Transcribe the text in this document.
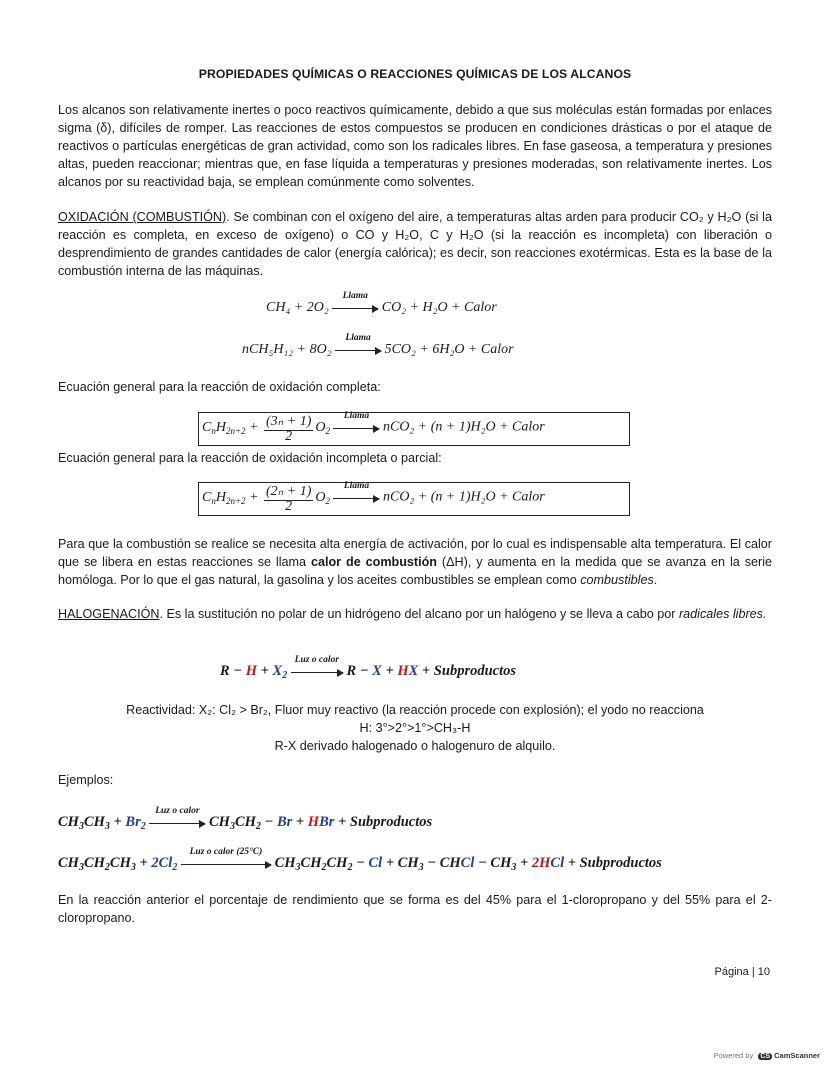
PROPIEDADES QUÍMICAS O REACCIONES QUÍMICAS DE LOS ALCANOS

Los alcanos son relativamente inertes o poco reactivos químicamente, debido a que sus moléculas están formadas por enlaces sigma (δ), difíciles de romper. Las reacciones de estos compuestos se producen en condiciones drásticas o por el ataque de reactivos o partículas energéticas de gran actividad, como son los radicales libres. En fase gaseosa, a temperatura y presiones altas, pueden reaccionar; mientras que, en fase líquida a temperaturas y presiones moderadas, son relativamente inertes. Los alcanos por su reactividad baja, se emplean comúnmente como solventes.

OXIDACIÓN (COMBUSTIÓN). Se combinan con el oxígeno del aire, a temperaturas altas arden para producir CO₂ y H₂O (si la reacción es completa, en exceso de oxígeno) o CO y H₂O, C y H₂O (si la reacción es incompleta) con liberación o desprendimiento de grandes cantidades de calor (energía calórica); es decir, son reacciones exotérmicas. Esta es la base de la combustión interna de las máquinas.

CH₄ + 2O₂
Llama
CO₂ + H₂O + Calor
nCH₅H₁₂ + 8O₂
Llama
5CO₂ + 6H₂O + Calor

Ecuación general para la reacción de oxidación completa:

$C_nH_{2n+2} + \frac{\text{(3ₙ + 1)}}{2} O_2$
Llama
nCO₂ + (n + 1)H₂O + Calor

Ecuación general para la reacción de oxidación incompleta o parcial:

$C_nH_{2n+2} + \frac{\text{(2ₙ + 1)}}{2} O_2$
Llama
nCO₂ + (n + 1)H₂O + Calor

Para que la combustión se realice se necesita alta energía de activación, por lo cual es indispensable alta temperatura. El calor que se libera en estas reacciones se llama calor de combustión (ΔH), y aumenta en la medida que se avanza en la serie homóloga. Por lo que el gas natural, la gasolina y los aceites combustibles se emplean como combustibles.

HALOGENACIÓN. Es la sustitución no polar de un hidrógeno del alcano por un halógeno y se lleva a cabo por radicales libres.

$R - H + X_2$
Luz o calor
R − X + HX + Subproductos

Reactividad: X₂: Cl₂ > Br₂, Fluor muy reactivo (la reacción procede con explosión); el yodo no reacciona

H: 3°>2°>1°>CH₃-H

R-X derivado halogenado o halogenuro de alquilo.

Ejemplos:

$CH_3CH_3 + Br_2$
Luz o calor
$CH_3CH_2 - Br$ + HBr + Subproductos
$CH_3CH_2CH_3 + 2Cl_2$
Luz o calor (25°C)
$CH_3CH_2CH_2 - Cl + CH_3$ − CHCl − $CH_3 + 2HCl$ + Subproductos

En la reacción anterior el porcentaje de rendimiento que se forma es del 45% para el 1-cloropropano y del 55% para el 2-cloropropano.

Página | 10
Powered by CS CamScanner
